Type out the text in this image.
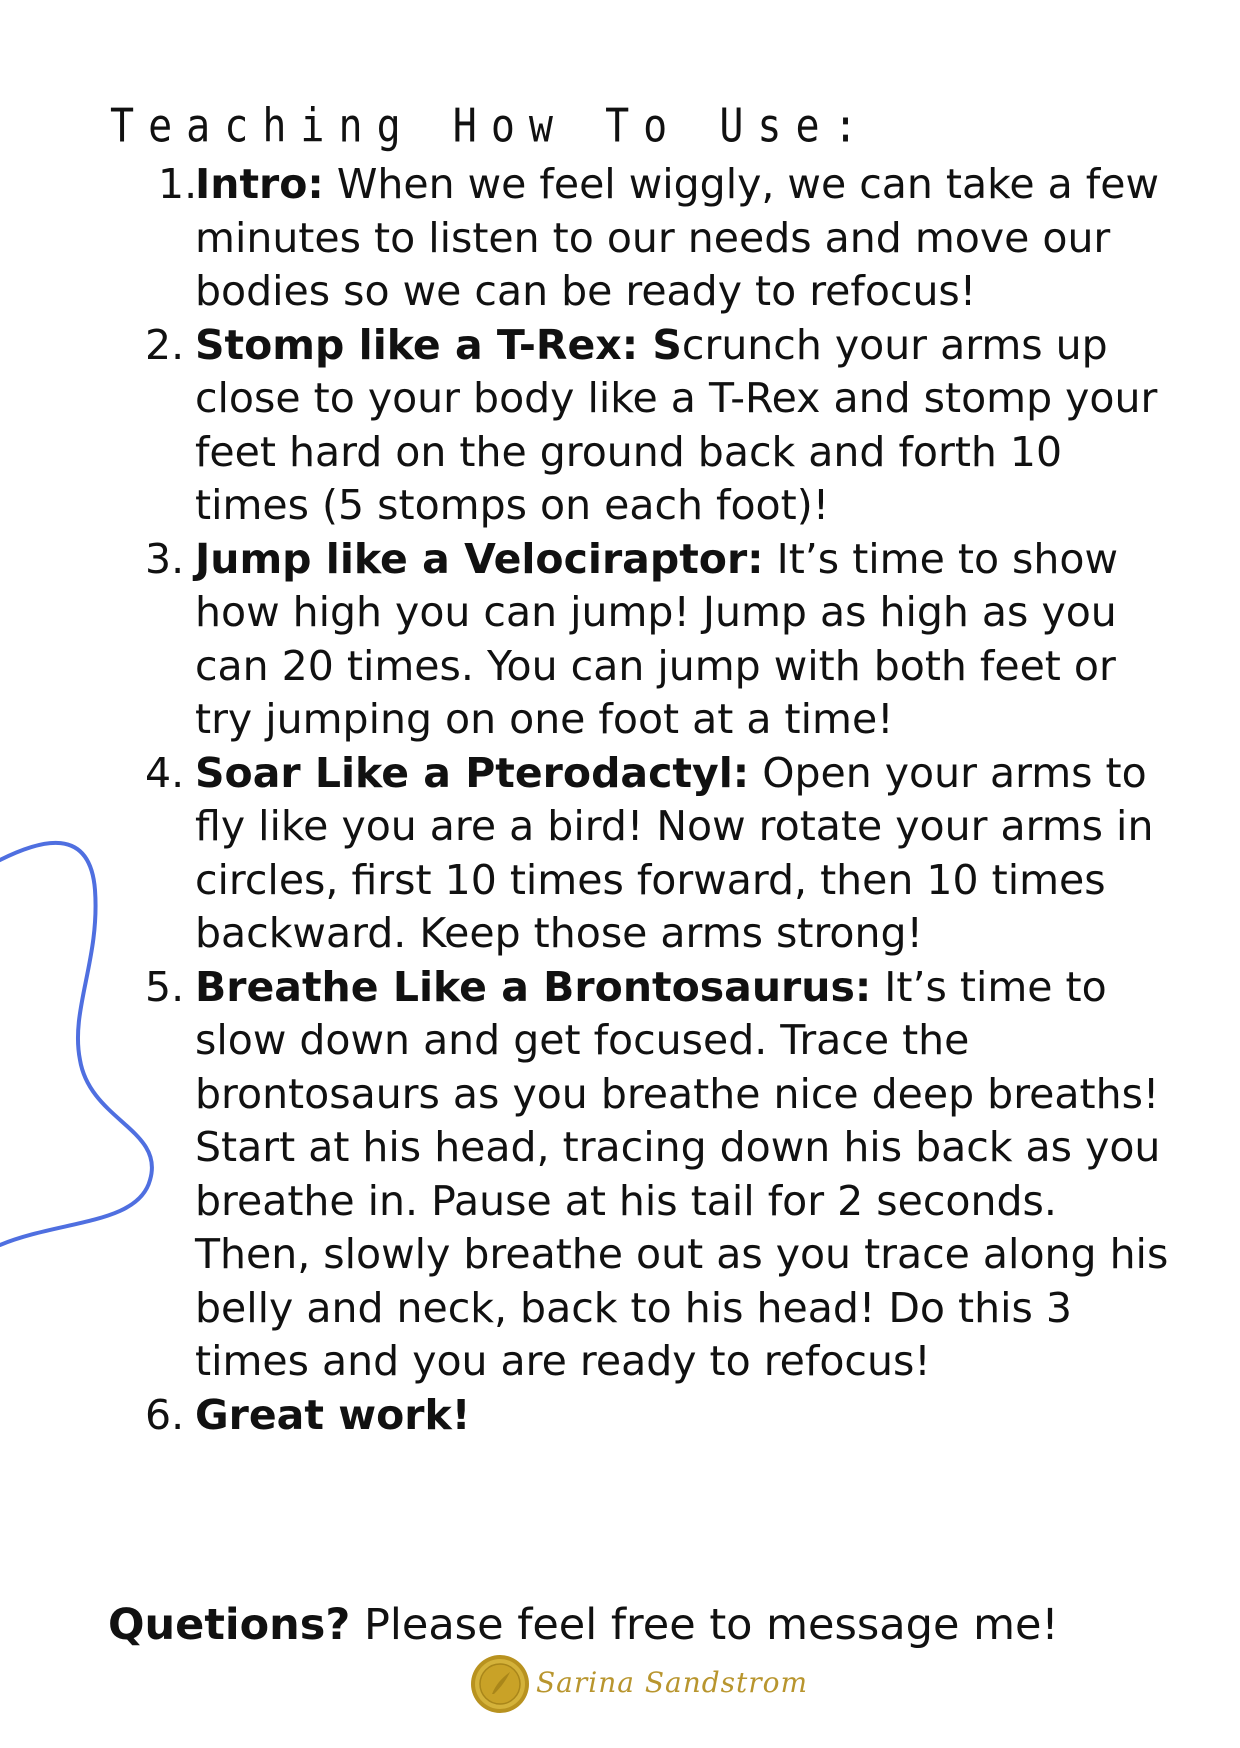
Teaching How To Use:
1.
Intro: When we feel wiggly, we can take a few minutes to listen to our needs and move our bodies so we can be ready to refocus!
2. Stomp like a T-Rex: Scrunch your arms up close to your body like a T-Rex and stomp your feet hard on the ground back and forth 10 times (5 stomps on each foot)!
3. Jump like a Velociraptor: It’s time to show how high you can jump! Jump as high as you can 20 times. You can jump with both feet or try jumping on one foot at a time!
4. Soar Like a Pterodactyl: Open your arms to fly like you are a bird! Now rotate your arms in circles, first 10 times forward, then 10 times backward. Keep those arms strong!
5. Breathe Like a Brontosaurus: It’s time to slow down and get focused. Trace the brontosaurs as you breathe nice deep breaths! Start at his head, tracing down his back as you breathe in. Pause at his tail for 2 seconds. Then, slowly breathe out as you trace along his belly and neck, back to his head! Do this 3 times and you are ready to refocus!
6. Great work!
Quetions? Please feel free to message me!
Sarina Sandstrom
